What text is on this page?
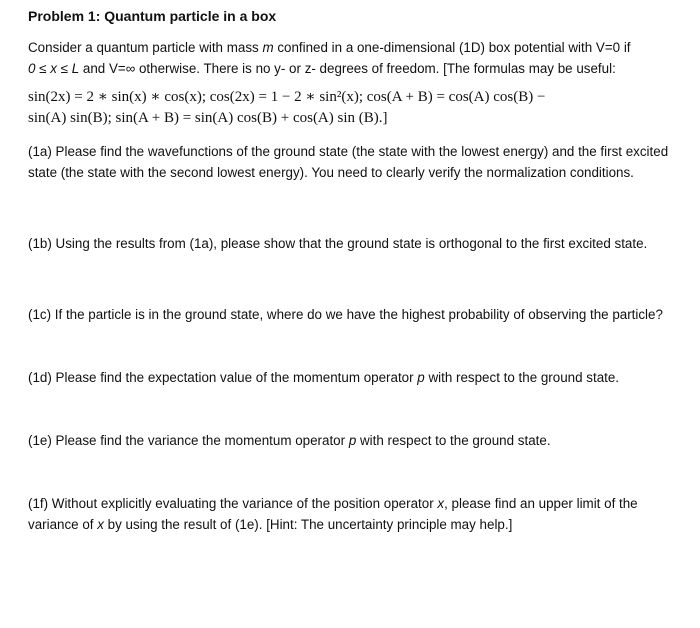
Problem 1: Quantum particle in a box

Consider a quantum particle with mass m confined in a one-dimensional (1D) box potential with V=0 if
0 ≤ x ≤ L and V=∞ otherwise. There is no y- or z- degrees of freedom. [The formulas may be useful:

sin(2x) = 2 ∗ sin(x) ∗ cos(x); cos(2x) = 1 − 2 ∗ sin²(x); cos(A + B) = cos(A) cos(B) −
sin(A) sin(B); sin(A + B) = sin(A) cos(B) + cos(A) sin (B).]

(1a) Please find the wavefunctions of the ground state (the state with the lowest energy) and the first excited state (the state with the second lowest energy). You need to clearly verify the normalization conditions.

(1b) Using the results from (1a), please show that the ground state is orthogonal to the first excited state.

(1c) If the particle is in the ground state, where do we have the highest probability of observing the particle?

(1d) Please find the expectation value of the momentum operator p with respect to the ground state.

(1e) Please find the variance the momentum operator p with respect to the ground state.

(1f) Without explicitly evaluating the variance of the position operator x, please find an upper limit of the variance of x by using the result of (1e). [Hint: The uncertainty principle may help.]
